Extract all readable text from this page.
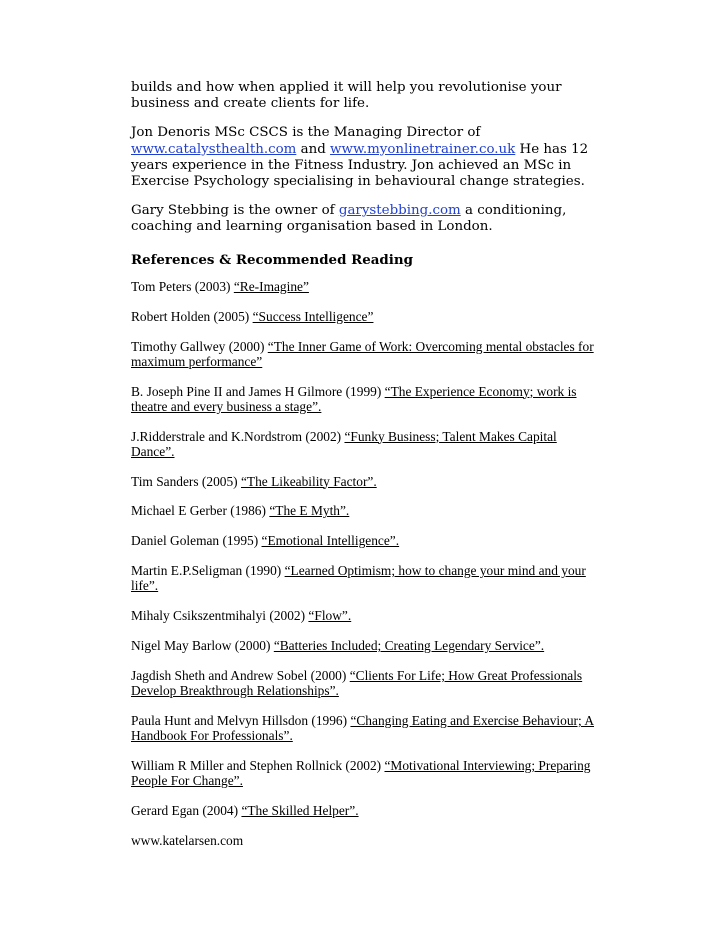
builds and how when applied it will help you revolutionise your business and create clients for life.

Jon Denoris MSc CSCS is the Managing Director of www.catalysthealth.com and www.myonlinetrainer.co.uk He has 12 years experience in the Fitness Industry. Jon achieved an MSc in Exercise Psychology specialising in behavioural change strategies.

Gary Stebbing is the owner of garystebbing.com a conditioning, coaching and learning organisation based in London.

References & Recommended Reading

Tom Peters (2003) “Re-Imagine”

Robert Holden (2005) “Success Intelligence”

Timothy Gallwey (2000) “The Inner Game of Work: Overcoming mental obstacles for maximum performance”

B. Joseph Pine II and James H Gilmore (1999) “The Experience Economy; work is theatre and every business a stage”.

J.Ridderstrale and K.Nordstrom (2002) “Funky Business; Talent Makes Capital Dance”.

Tim Sanders (2005) “The Likeability Factor”.

Michael E Gerber (1986) “The E Myth”.

Daniel Goleman (1995) “Emotional Intelligence”.

Martin E.P.Seligman (1990) “Learned Optimism; how to change your mind and your life”.

Mihaly Csikszentmihalyi (2002) “Flow”.

Nigel May Barlow (2000) “Batteries Included; Creating Legendary Service”.

Jagdish Sheth and Andrew Sobel (2000) “Clients For Life; How Great Professionals Develop Breakthrough Relationships”.

Paula Hunt and Melvyn Hillsdon (1996) “Changing Eating and Exercise Behaviour; A Handbook For Professionals”.

William R Miller and Stephen Rollnick (2002) “Motivational Interviewing; Preparing People For Change”.

Gerard Egan (2004) “The Skilled Helper”.

www.katelarsen.com
